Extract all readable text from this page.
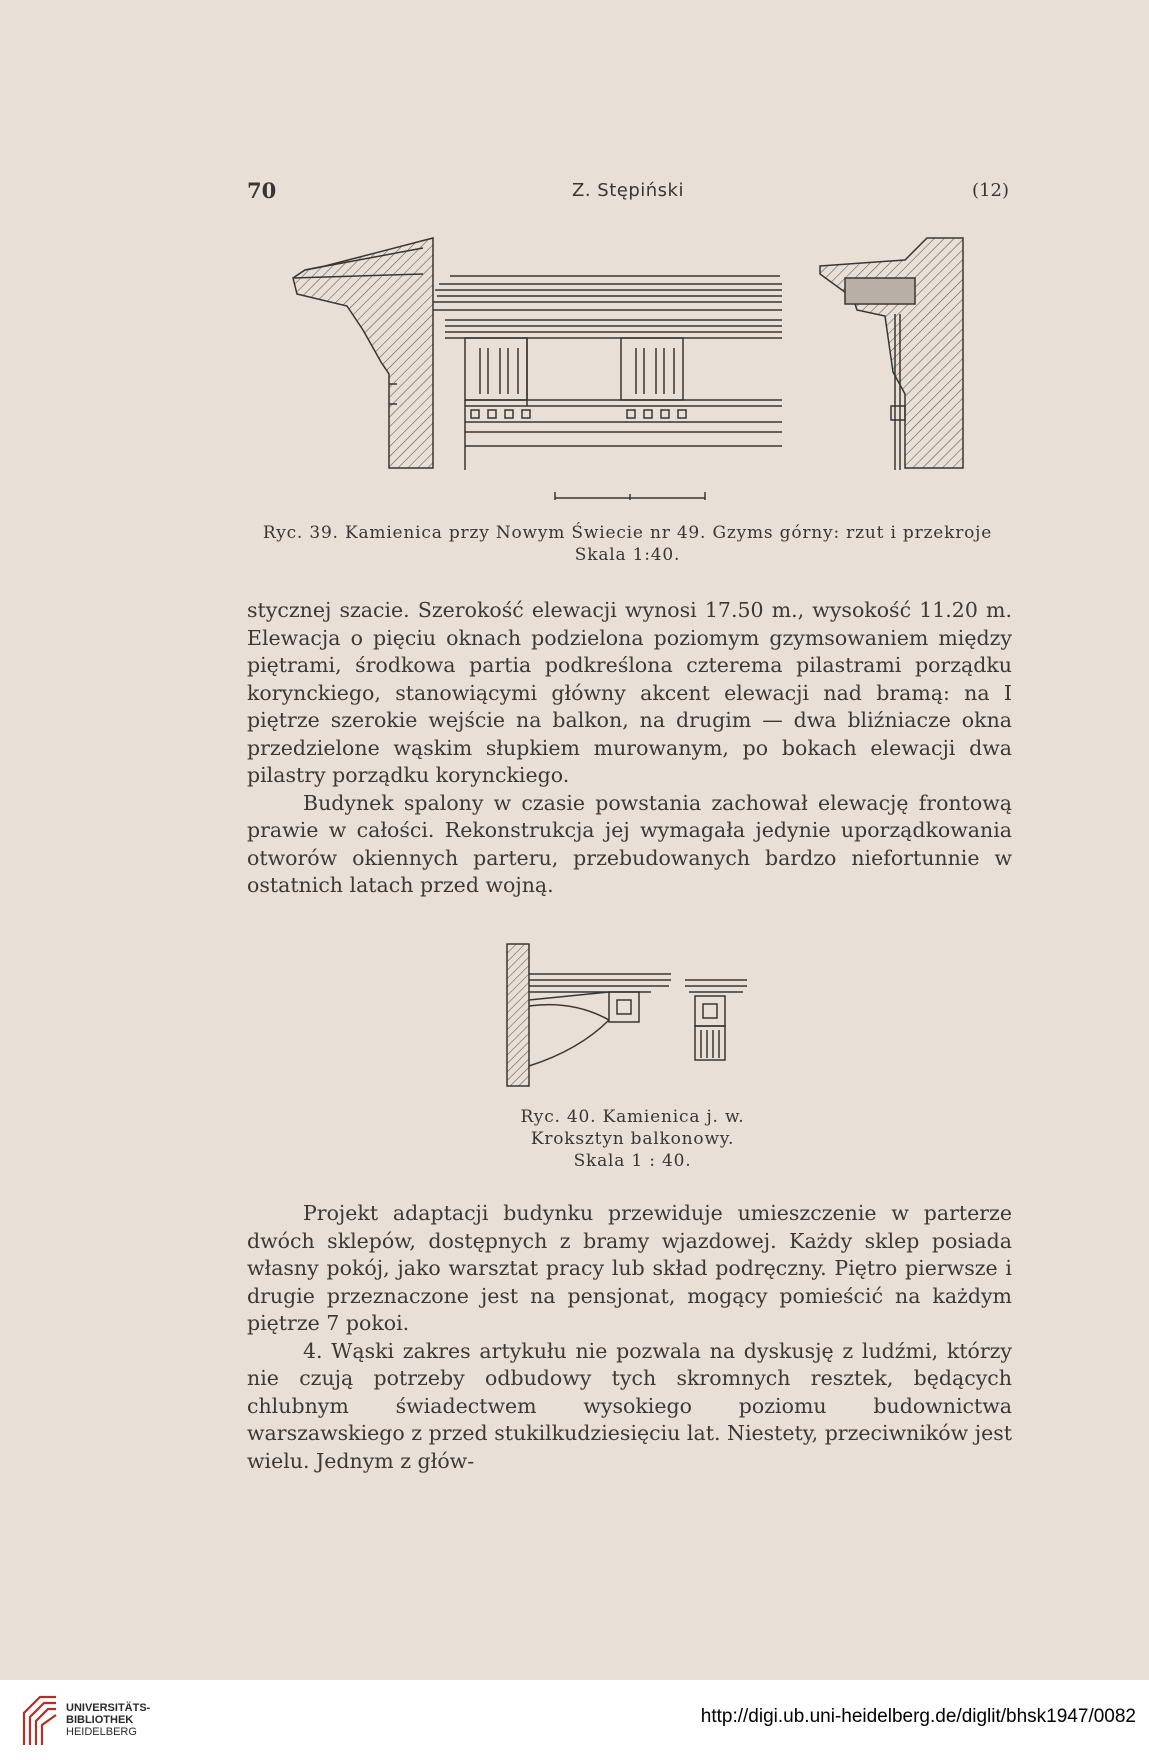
70	Z. Stępiński	(12)
Ryc. 39. Kamienica przy Nowym Świecie nr 49. Gzyms górny: rzut i przekroje
Skala 1:40.

stycznej szacie. Szerokość elewacji wynosi 17.50 m., wysokość 11.20 m. Elewacja o pięciu oknach podzielona poziomym gzymsowaniem między piętrami, środkowa partia podkreślona czterema pilastrami porządku korynckiego, stanowiącymi główny akcent elewacji nad bramą: na I piętrze szerokie wejście na balkon, na drugim — dwa bliźniacze okna przedzielone wąskim słupkiem murowanym, po bokach elewacji dwa pilastry porządku korynckiego.

Budynek spalony w czasie powstania zachował elewację frontową prawie w całości. Rekonstrukcja jej wymagała jedynie uporządkowania otworów okiennych parteru, przebudowanych bardzo niefortunnie w ostatnich latach przed wojną.

Ryc. 40. Kamienica j. w.
Kroksztyn balkonowy.
Skala 1 : 40.

Projekt adaptacji budynku przewiduje umieszczenie w parterze dwóch sklepów, dostępnych z bramy wjazdowej. Każdy sklep posiada własny pokój, jako warsztat pracy lub skład podręczny. Piętro pierwsze i drugie przeznaczone jest na pensjonat, mogący pomieścić na każdym piętrze 7 pokoi.

4. Wąski zakres artykułu nie pozwala na dyskusję z ludźmi, którzy nie czują potrzeby odbudowy tych skromnych resztek, będących chlubnym świadectwem wysokiego poziomu budownictwa warszawskiego z przed stukilkudziesięciu lat. Niestety, przeciwników jest wielu. Jednym z głów-

UNIVERSITÄTS-
BIBLIOTHEK
HEIDELBERG
http://digi.ub.uni-heidelberg.de/diglit/bhsk1947/0082
